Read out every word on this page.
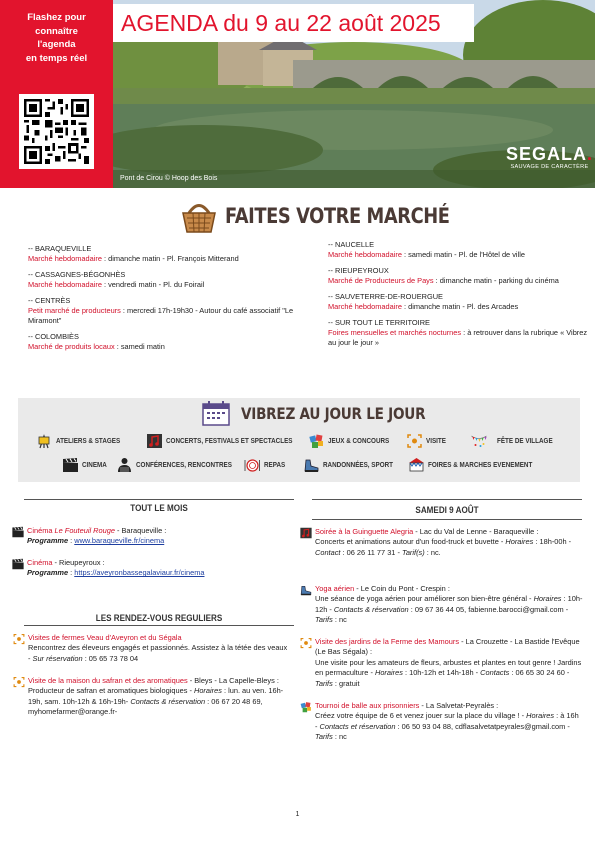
Flashez pour
connaître
l'agenda
en temps réel
AGENDA du 9 au 22 août 2025
Pont de Cirou © Hoop des Bois
SEGALA.
SAUVAGE DE CARACTÈRE
FAITES VOTRE MARCHÉ
-- BARAQUEVILLE
Marché hebdomadaire : dimanche matin - Pl. François Mitterand
-- CASSAGNES-BÉGONHÈS
Marché hebdomadaire : vendredi matin - Pl. du Foirail
-- CENTRÈS
Petit marché de producteurs : mercredi 17h-19h30 - Autour du café associatif "Le Miramont"
-- COLOMBIÈS
Marché de produits locaux : samedi matin
-- NAUCELLE
Marché hebdomadaire : samedi matin - Pl. de l'Hôtel de ville
-- RIEUPEYROUX
Marché de Producteurs de Pays : dimanche matin - parking du cinéma
-- SAUVETERRE-DE-ROUERGUE
Marché hebdomadaire : dimanche matin - Pl. des Arcades
-- SUR TOUT LE TERRITOIRE
Foires mensuelles et marchés nocturnes : à retrouver dans la rubrique « Vibrez au jour le jour »
VIBREZ AU JOUR LE JOUR
ATELIERS & STAGES	CONCERTS, FESTIVALS ET SPECTACLES	JEUX & CONCOURS	VISITE	FÊTE DE VILLAGE
CINEMA	CONFÉRENCES, RENCONTRES	REPAS	RANDONNÉES, SPORT	FOIRES & MARCHES EVENEMENT
TOUT LE MOIS
Cinéma Le Fouteuil Rouge - Baraqueville :
Programme : www.baraqueville.fr/cinema
Cinéma - Rieupeyroux :
Programme : https://aveyronbassegalaviaur.fr/cinema
LES RENDEZ-VOUS REGULIERS
Visites de fermes Veau d'Aveyron et du Ségala
Rencontrez des éleveurs engagés et passionnés. Assistez à la tétée des veaux - Sur réservation : 05 65 73 78 04
Visite de la maison du safran et des aromatiques - Bleys - La Capelle-Bleys :
Producteur de safran et aromatiques biologiques - Horaires : lun. au ven. 16h-19h, sam. 10h-12h & 16h-19h- Contacts & réservation : 06 67 20 48 69, myhomefarmer@orange.fr-
SAMEDI 9 AOÛT
Soirée à la Guinguette Alegria - Lac du Val de Lenne - Baraqueville :
Concerts et animations autour d'un food-truck et buvette - Horaires : 18h-00h - Contact : 06 26 11 77 31 - Tarif(s) : nc.
Yoga aérien - Le Coin du Pont - Crespin :
Une séance de yoga aérien pour améliorer son bien-être général - Horaires : 10h-12h - Contacts & réservation : 09 67 36 44 05, fabienne.barocci@gmail.com - Tarifs : nc
Visite des jardins de la Ferme des Mamours - La Crouzette - La Bastide l'Evêque (Le Bas Ségala) :
Une visite pour les amateurs de fleurs, arbustes et plantes en tout genre ! Jardins en permaculture - Horaires : 10h-12h et 14h-18h - Contacts : 06 65 30 24 60 - Tarifs : gratuit
Tournoi de balle aux prisonniers - La Salvetat-Peyralès :
Créez votre équipe de 6 et venez jouer sur la place du village ! - Horaires : à 16h - Contacts et réservation : 06 50 93 04 88, cdflasalvetatpeyrales@gmail.com - Tarifs : nc
1
